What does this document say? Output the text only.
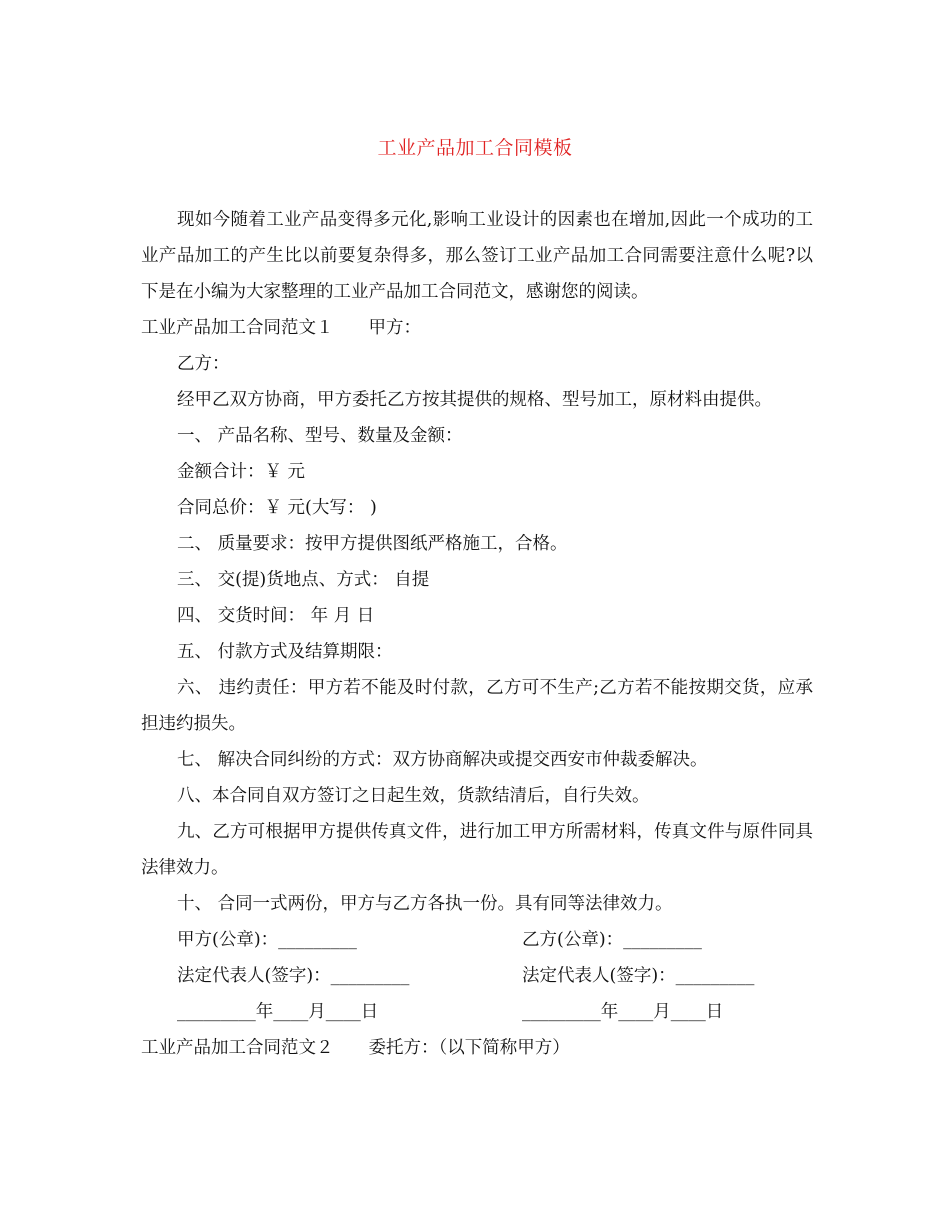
工业产品加工合同模板

现如今随着工业产品变得多元化,影响工业设计的因素也在增加,因此一个成功的工业产品加工的产生比以前要复杂得多，那么签订工业产品加工合同需要注意什么呢?以下是在小编为大家整理的工业产品加工合同范文，感谢您的阅读。

工业产品加工合同范文１　　甲方：

乙方：

经甲乙双方协商，甲方委托乙方按其提供的规格、型号加工，原材料由提供。

一、 产品名称、型号、数量及金额：

金额合计：￥ 元

合同总价：￥ 元(大写： )

二、 质量要求：按甲方提供图纸严格施工，合格。

三、 交(提)货地点、方式： 自提

四、 交货时间： 年 月 日

五、 付款方式及结算期限：

六、 违约责任：甲方若不能及时付款，乙方可不生产;乙方若不能按期交货，应承担违约损失。

七、 解决合同纠纷的方式：双方协商解决或提交西安市仲裁委解决。

八、本合同自双方签订之日起生效，货款结清后，自行失效。

九、乙方可根据甲方提供传真文件，进行加工甲方所需材料，传真文件与原件同具法律效力。

十、 合同一式两份，甲方与乙方各执一份。具有同等法律效力。

甲方(公章)：_________	乙方(公章)：_________
法定代表人(签字)：_________	法定代表人(签字)：_________
_________年____月____日	_________年____月____日

工业产品加工合同范文２　　委托方：（以下简称甲方）
